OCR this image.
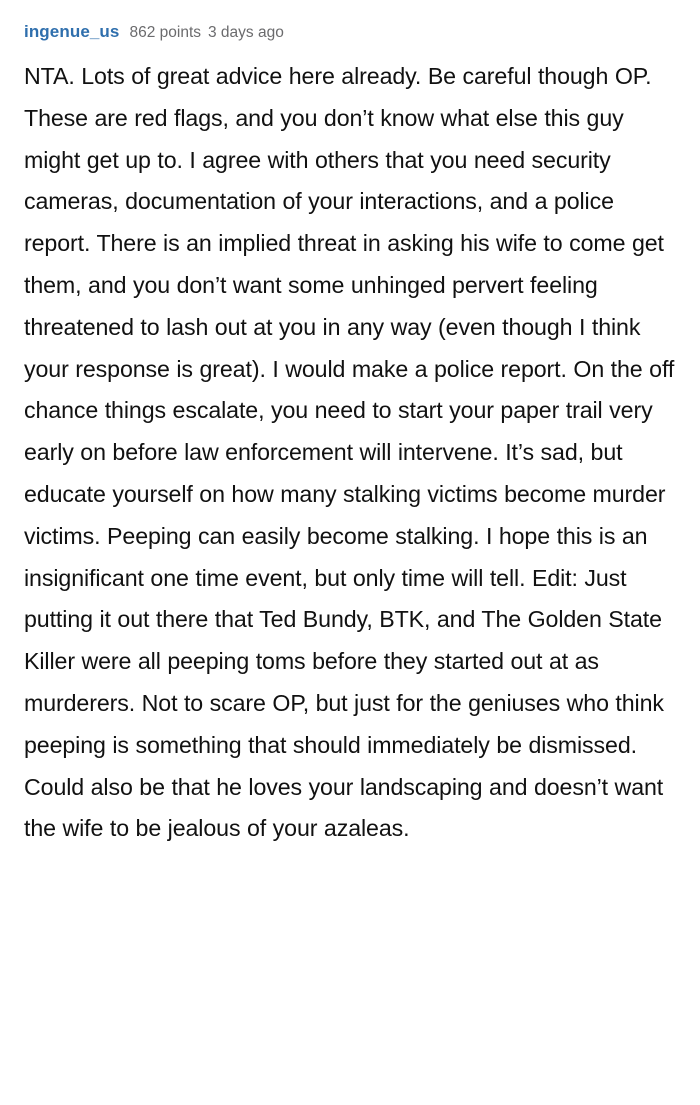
ingenue_us 862 points 3 days ago
NTA. Lots of great advice here already. Be careful though OP. These are red flags, and you don’t know what else this guy might get up to. I agree with others that you need security cameras, documentation of your interactions, and a police report. There is an implied threat in asking his wife to come get them, and you don’t want some unhinged pervert feeling threatened to lash out at you in any way (even though I think your response is great). I would make a police report. On the off chance things escalate, you need to start your paper trail very early on before law enforcement will intervene. It’s sad, but educate yourself on how many stalking victims become murder victims. Peeping can easily become stalking. I hope this is an insignificant one time event, but only time will tell. Edit: Just putting it out there that Ted Bundy, BTK, and The Golden State Killer were all peeping toms before they started out at as murderers. Not to scare OP, but just for the geniuses who think peeping is something that should immediately be dismissed. Could also be that he loves your landscaping and doesn’t want the wife to be jealous of your azaleas.
